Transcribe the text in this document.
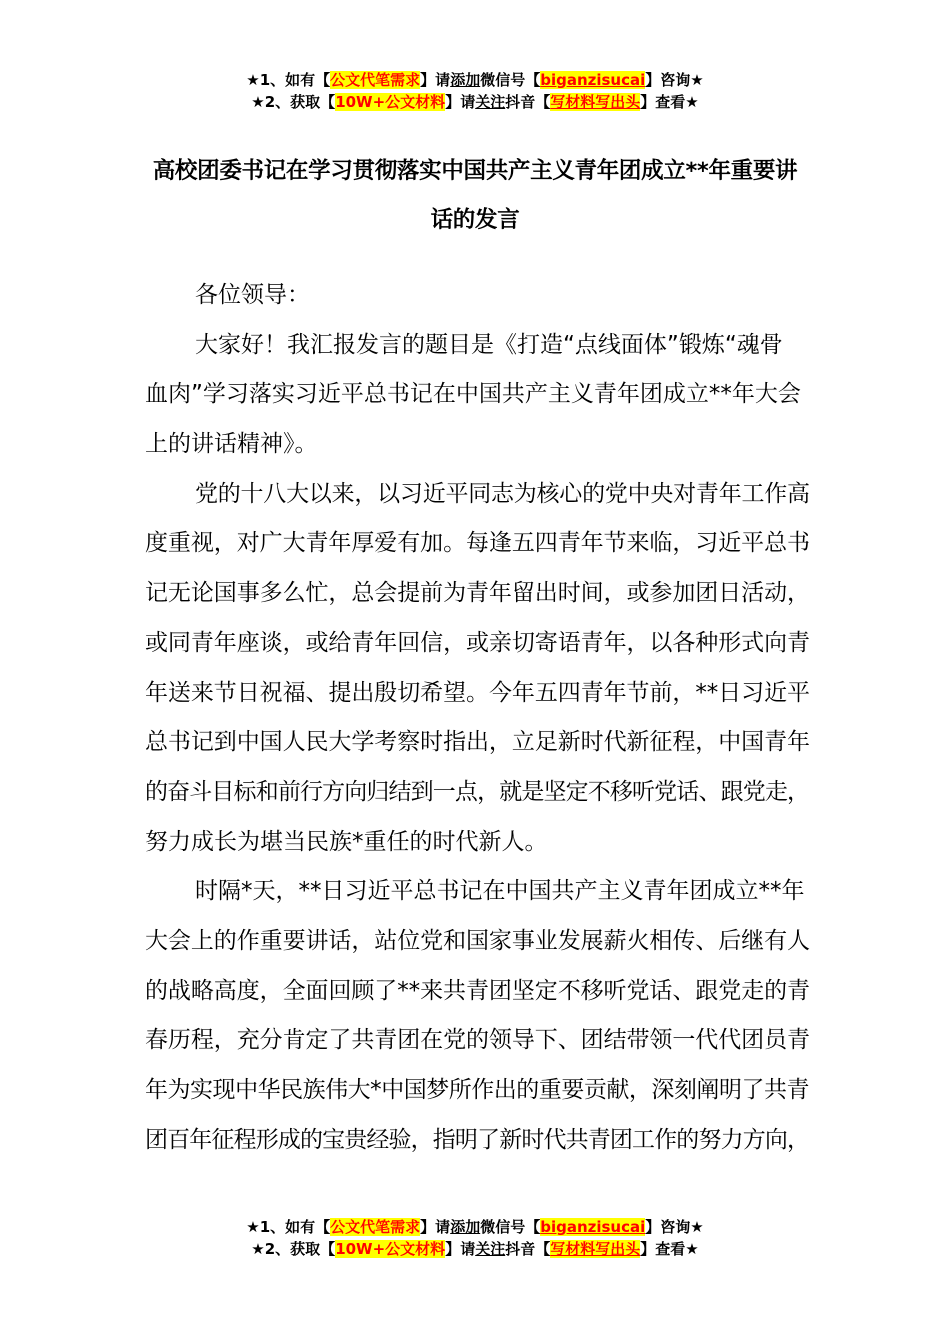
★1、如有【公文代笔需求】请添加微信号【biganzisucai】咨询★
★2、获取【10W+公文材料】请关注抖音【写材料写出头】查看★
高校团委书记在学习贯彻落实中国共产主义青年团成立**年重要讲
话的发言
各位领导：
大家好！我汇报发言的题目是《打造“点线面体”锻炼“魂骨
血肉”学习落实习近平总书记在中国共产主义青年团成立**年大会
上的讲话精神》。
党的十八大以来，以习近平同志为核心的党中央对青年工作高
度重视，对广大青年厚爱有加。每逢五四青年节来临，习近平总书
记无论国事多么忙，总会提前为青年留出时间，或参加团日活动，
或同青年座谈，或给青年回信，或亲切寄语青年，以各种形式向青
年送来节日祝福、提出殷切希望。今年五四青年节前，**日习近平
总书记到中国人民大学考察时指出，立足新时代新征程，中国青年
的奋斗目标和前行方向归结到一点，就是坚定不移听党话、跟党走，
努力成长为堪当民族*重任的时代新人。
时隔*天，**日习近平总书记在中国共产主义青年团成立**年
大会上的作重要讲话，站位党和国家事业发展薪火相传、后继有人
的战略高度，全面回顾了**来共青团坚定不移听党话、跟党走的青
春历程，充分肯定了共青团在党的领导下、团结带领一代代团员青
年为实现中华民族伟大*中国梦所作出的重要贡献，深刻阐明了共青
团百年征程形成的宝贵经验，指明了新时代共青团工作的努力方向，
★1、如有【公文代笔需求】请添加微信号【biganzisucai】咨询★
★2、获取【10W+公文材料】请关注抖音【写材料写出头】查看★
